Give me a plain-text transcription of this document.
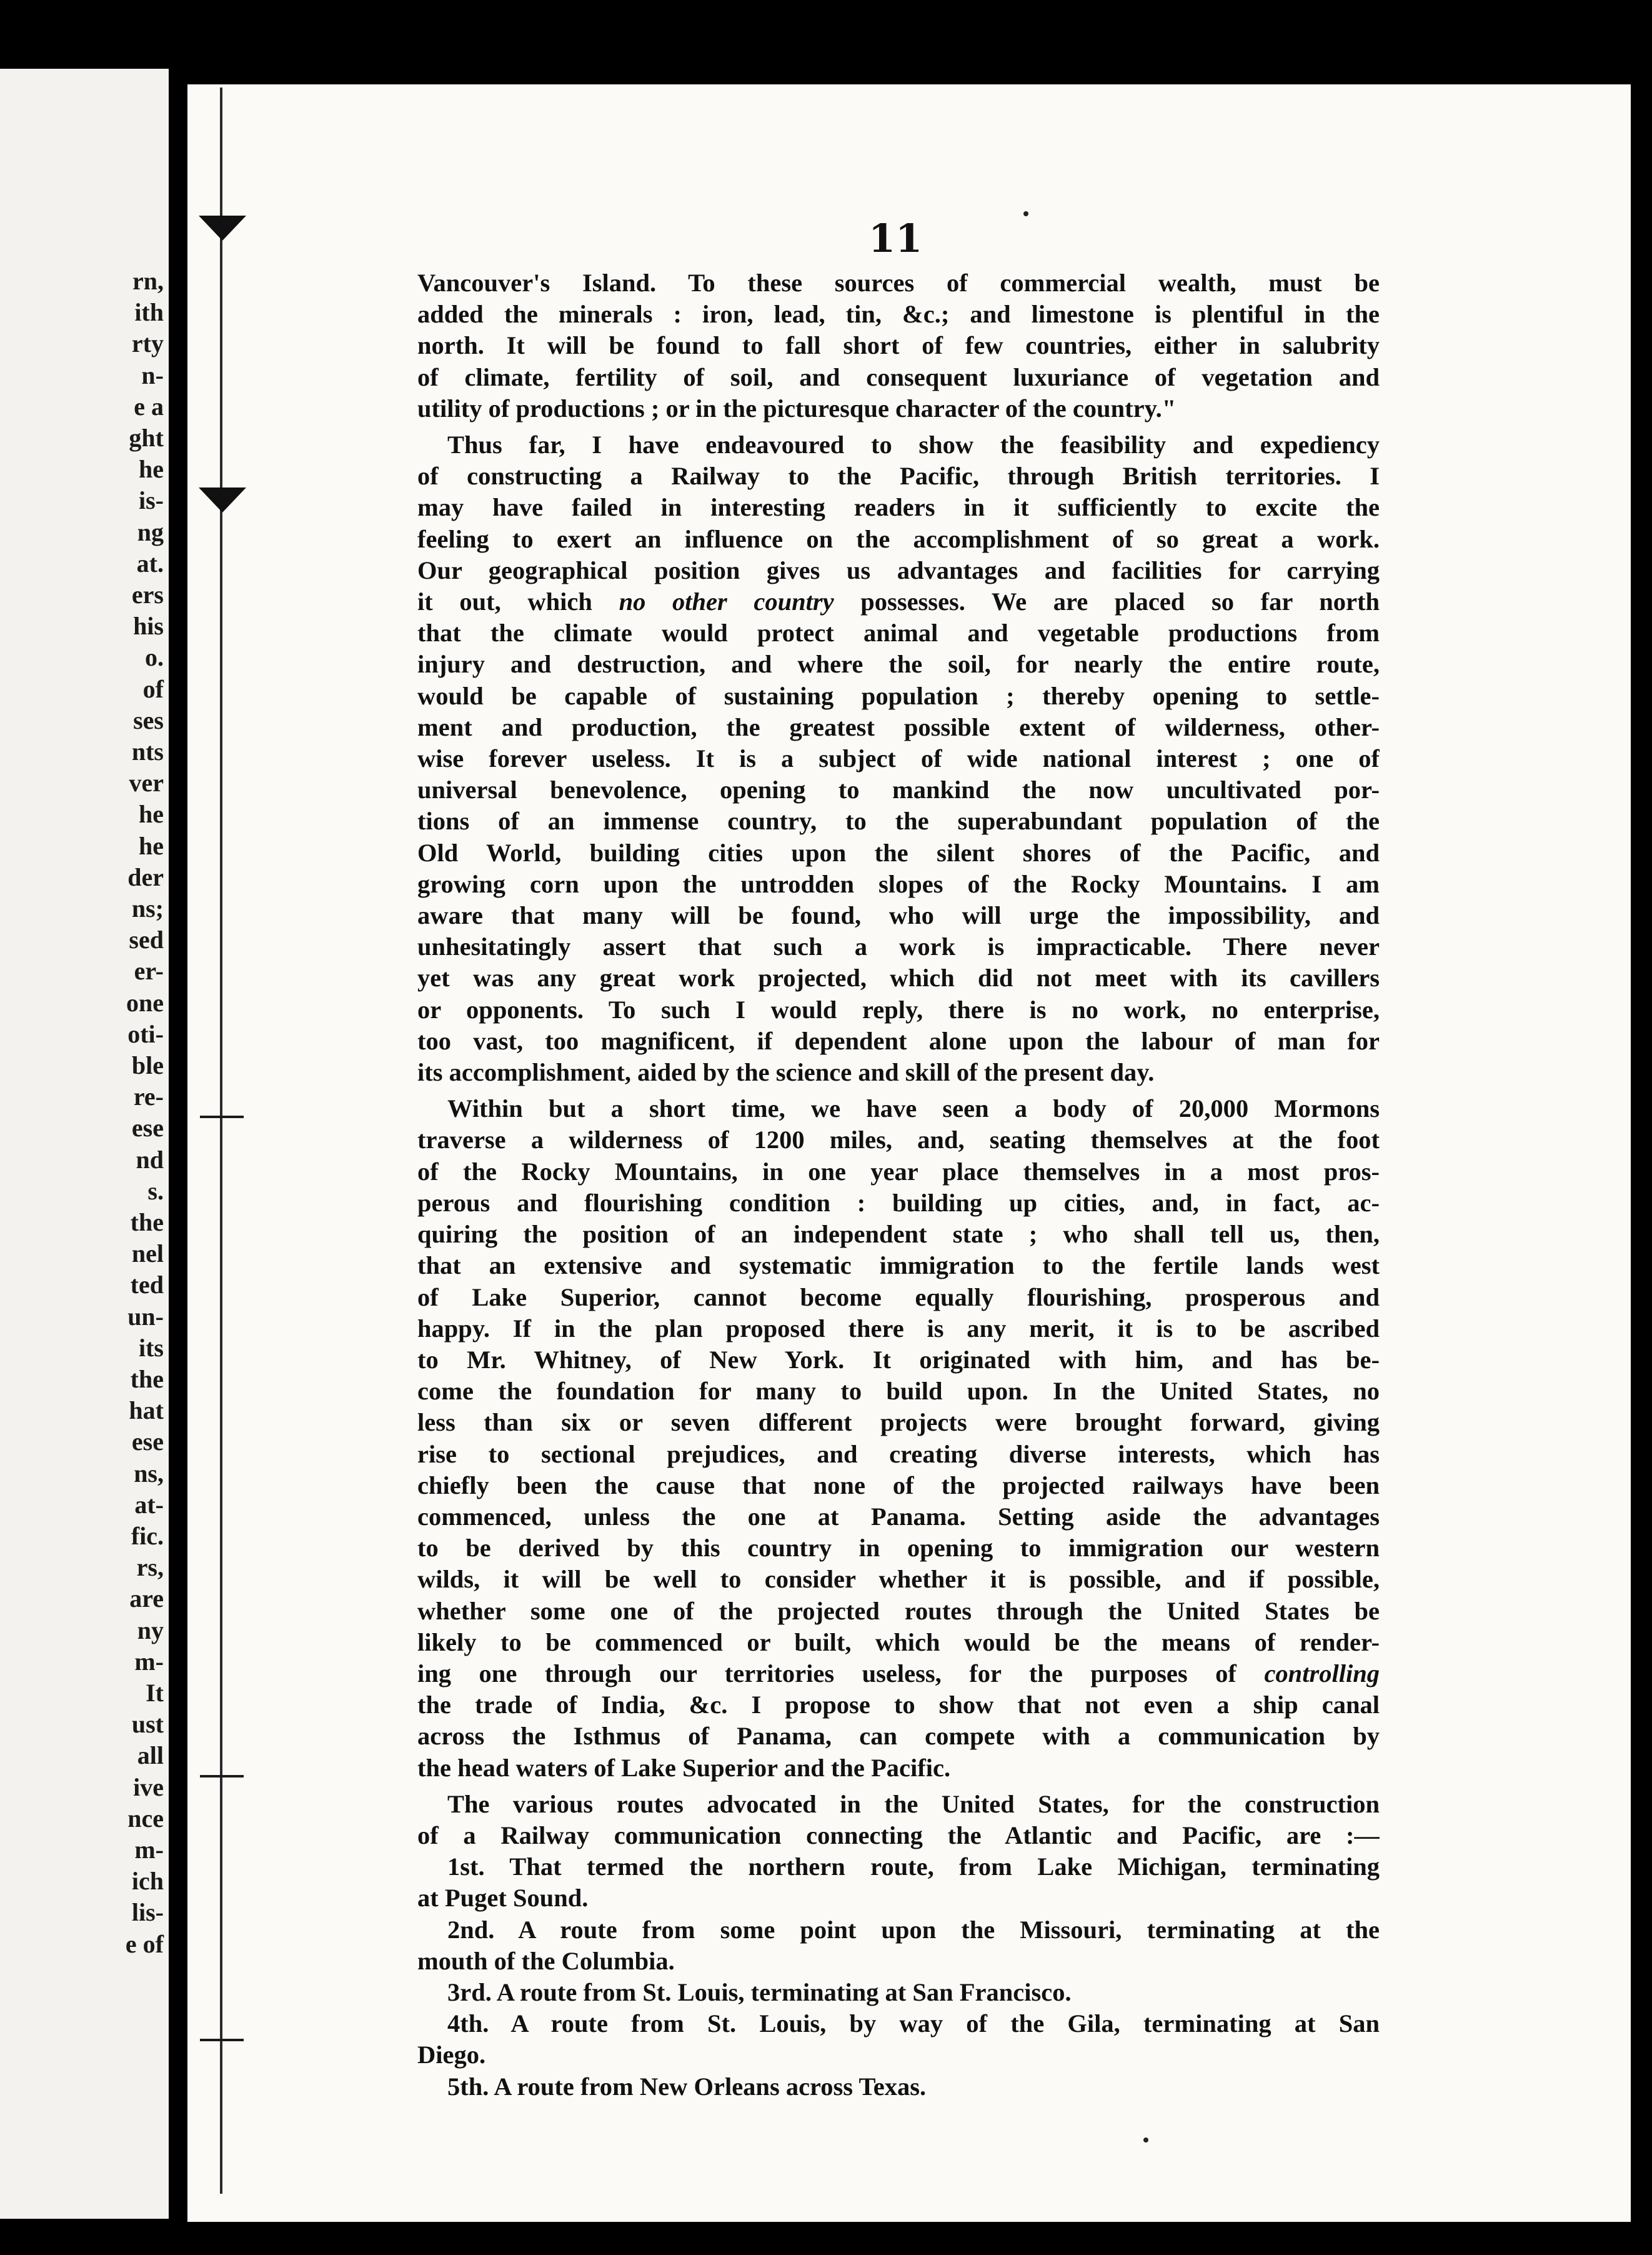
rn,
ith
rty
n-
e a
ght
he
is-
ng
at.
ers
his
o.
of
ses
nts
ver
he
he
der
ns;
sed
er-
one
oti-
ble
re-
ese
nd
s.
the
nel
ted
un-
its
the
hat
ese
ns,
at-
fic.
rs,
are
ny
m-
It
ust
all
ive
nce
m-
ich
lis-
e of
11
Vancouver's Island. To these sources of commercial wealth, must be
added the minerals : iron, lead, tin, &c.; and limestone is plentiful in the
north. It will be found to fall short of few countries, either in salubrity
of climate, fertility of soil, and consequent luxuriance of vegetation and
utility of productions ; or in the picturesque character of the country."
Thus far, I have endeavoured to show the feasibility and expediency
of constructing a Railway to the Pacific, through British territories. I
may have failed in interesting readers in it sufficiently to excite the
feeling to exert an influence on the accomplishment of so great a work.
Our geographical position gives us advantages and facilities for carrying
it out, which no other country possesses. We are placed so far north
that the climate would protect animal and vegetable productions from
injury and destruction, and where the soil, for nearly the entire route,
would be capable of sustaining population ; thereby opening to settle-
ment and production, the greatest possible extent of wilderness, other-
wise forever useless. It is a subject of wide national interest ; one of
universal benevolence, opening to mankind the now uncultivated por-
tions of an immense country, to the superabundant population of the
Old World, building cities upon the silent shores of the Pacific, and
growing corn upon the untrodden slopes of the Rocky Mountains. I am
aware that many will be found, who will urge the impossibility, and
unhesitatingly assert that such a work is impracticable. There never
yet was any great work projected, which did not meet with its cavillers
or opponents. To such I would reply, there is no work, no enterprise,
too vast, too magnificent, if dependent alone upon the labour of man for
its accomplishment, aided by the science and skill of the present day.
Within but a short time, we have seen a body of 20,000 Mormons
traverse a wilderness of 1200 miles, and, seating themselves at the foot
of the Rocky Mountains, in one year place themselves in a most pros-
perous and flourishing condition : building up cities, and, in fact, ac-
quiring the position of an independent state ; who shall tell us, then,
that an extensive and systematic immigration to the fertile lands west
of Lake Superior, cannot become equally flourishing, prosperous and
happy. If in the plan proposed there is any merit, it is to be ascribed
to Mr. Whitney, of New York. It originated with him, and has be-
come the foundation for many to build upon. In the United States, no
less than six or seven different projects were brought forward, giving
rise to sectional prejudices, and creating diverse interests, which has
chiefly been the cause that none of the projected railways have been
commenced, unless the one at Panama. Setting aside the advantages
to be derived by this country in opening to immigration our western
wilds, it will be well to consider whether it is possible, and if possible,
whether some one of the projected routes through the United States be
likely to be commenced or built, which would be the means of render-
ing one through our territories useless, for the purposes of controlling
the trade of India, &c. I propose to show that not even a ship canal
across the Isthmus of Panama, can compete with a communication by
the head waters of Lake Superior and the Pacific.
The various routes advocated in the United States, for the construction
of a Railway communication connecting the Atlantic and Pacific, are :—
1st. That termed the northern route, from Lake Michigan, terminating
at Puget Sound.
2nd. A route from some point upon the Missouri, terminating at the
mouth of the Columbia.
3rd. A route from St. Louis, terminating at San Francisco.
4th. A route from St. Louis, by way of the Gila, terminating at San
Diego.
5th. A route from New Orleans across Texas.
